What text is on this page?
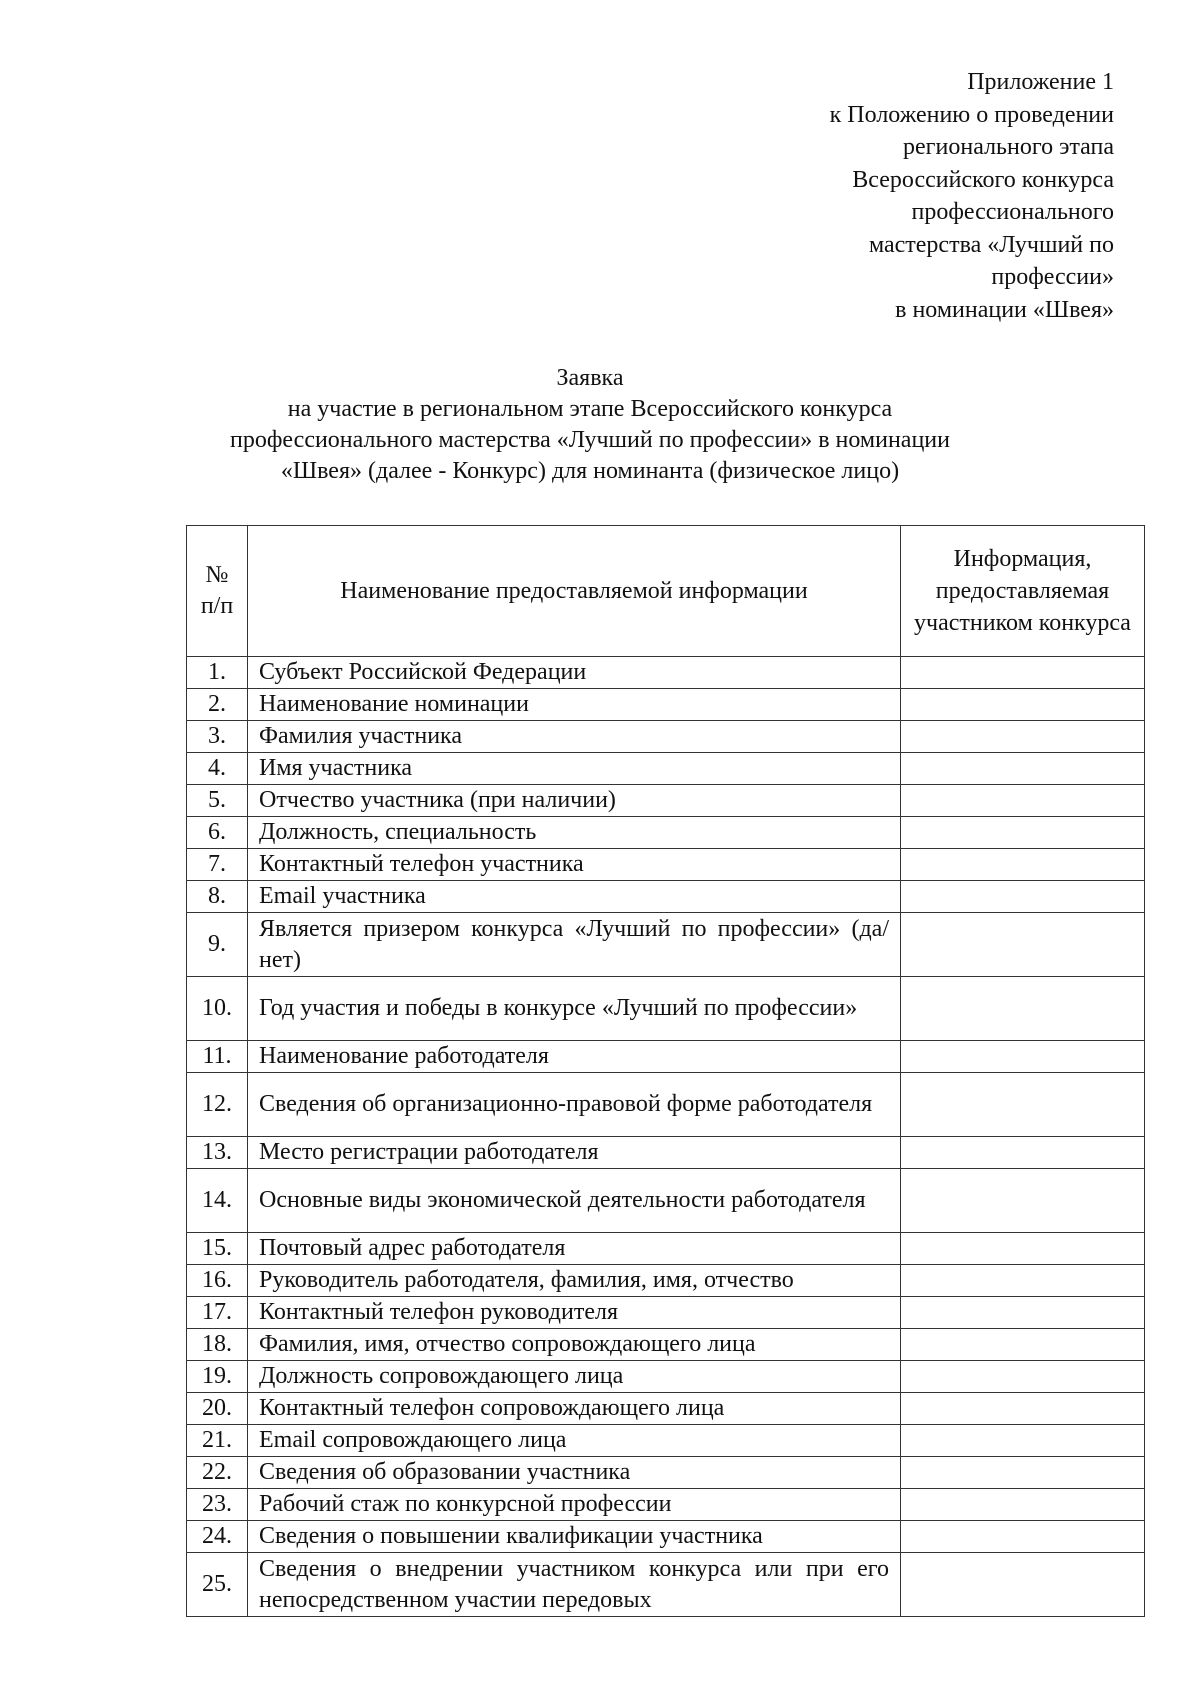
Приложение 1
к Положению о проведении
регионального этапа
Всероссийского конкурса
профессионального
мастерства «Лучший по
профессии»
в номинации «Швея»
Заявка
на участие в региональном этапе Всероссийского конкурса
профессионального мастерства «Лучший по профессии» в номинации
«Швея» (далее - Конкурс) для номинанта (физическое лицо)
№
п/п	Наименование предоставляемой информации	Информация, предоставляемая участником конкурса
1.	Субъект Российской Федерации	
2.	Наименование номинации	
3.	Фамилия участника	
4.	Имя участника	
5.	Отчество участника (при наличии)	
6.	Должность, специальность	
7.	Контактный телефон участника	
8.	Email участника	
9.	Является призером конкурса «Лучший по профессии» (да/нет)	
10.	Год участия и победы в конкурсе «Лучший по профессии»	
11.	Наименование работодателя	
12.	Сведения об организационно-правовой форме работодателя	
13.	Место регистрации работодателя	
14.	Основные виды экономической деятельности работодателя	
15.	Почтовый адрес работодателя	
16.	Руководитель работодателя, фамилия, имя, отчество	
17.	Контактный телефон руководителя	
18.	Фамилия, имя, отчество сопровождающего лица	
19.	Должность сопровождающего лица	
20.	Контактный телефон сопровождающего лица	
21.	Email сопровождающего лица	
22.	Сведения об образовании участника	
23.	Рабочий стаж по конкурсной профессии	
24.	Сведения о повышении квалификации участника	
25.	Сведения о внедрении участником конкурса или при его непосредственном участии передовых	
